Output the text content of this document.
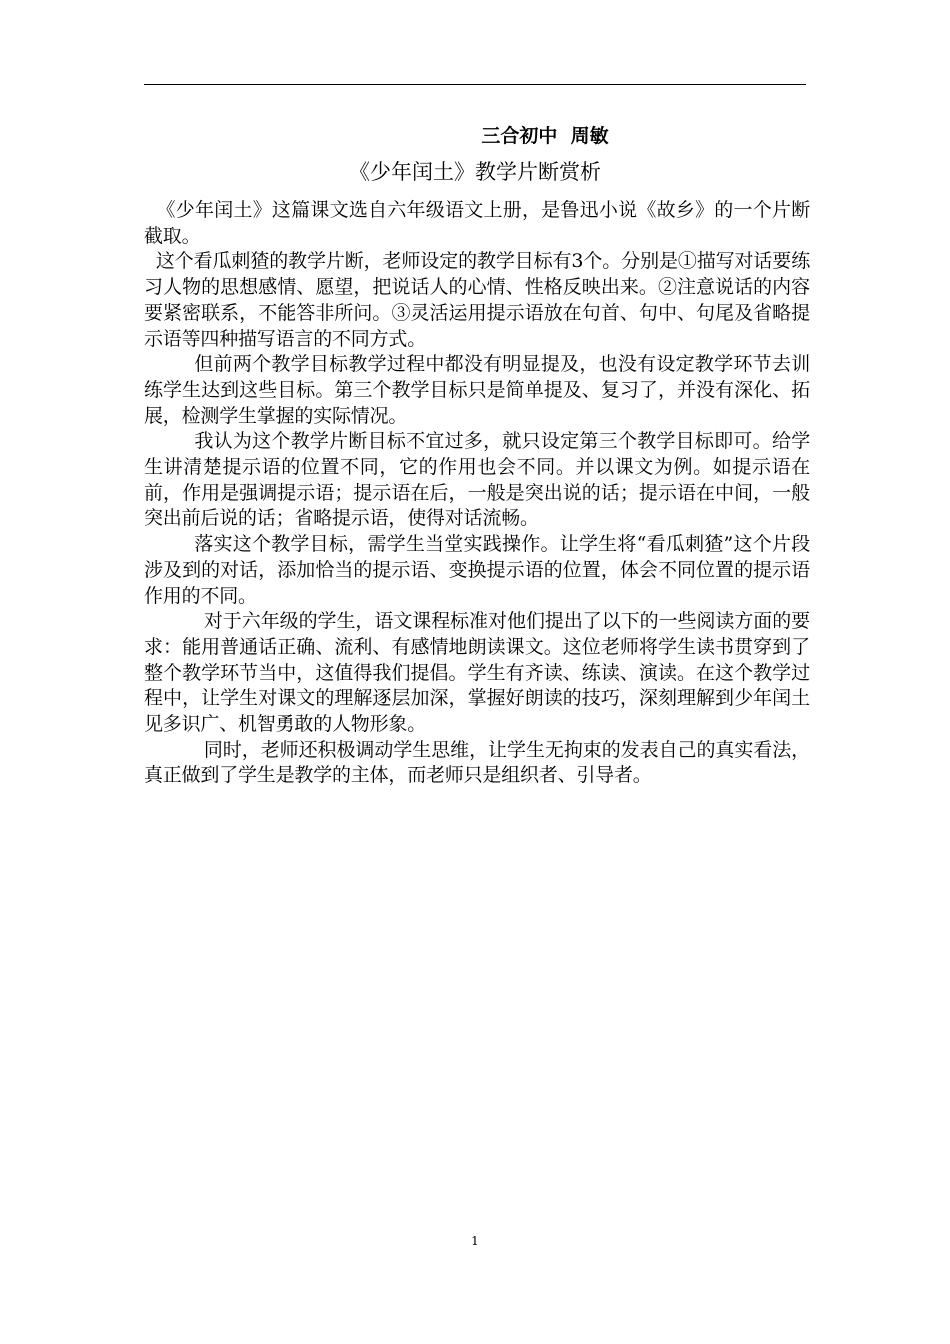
三合初中  周敏
《少年闰土》教学片断赏析

《少年闰土》这篇课文选自六年级语文上册，是鲁迅小说《故乡》的一个片断截取。

这个看瓜刺猹的教学片断，老师设定的教学目标有3个。分别是①描写对话要练习人物的思想感情、愿望，把说话人的心情、性格反映出来。②注意说话的内容要紧密联系，不能答非所问。③灵活运用提示语放在句首、句中、句尾及省略提示语等四种描写语言的不同方式。

但前两个教学目标教学过程中都没有明显提及，也没有设定教学环节去训练学生达到这些目标。第三个教学目标只是简单提及、复习了，并没有深化、拓展，检测学生掌握的实际情况。

我认为这个教学片断目标不宜过多，就只设定第三个教学目标即可。给学生讲清楚提示语的位置不同，它的作用也会不同。并以课文为例。如提示语在前，作用是强调提示语；提示语在后，一般是突出说的话；提示语在中间，一般突出前后说的话；省略提示语，使得对话流畅。

落实这个教学目标，需学生当堂实践操作。让学生将“看瓜刺猹”这个片段涉及到的对话，添加恰当的提示语、变换提示语的位置，体会不同位置的提示语作用的不同。

对于六年级的学生，语文课程标准对他们提出了以下的一些阅读方面的要求：能用普通话正确、流利、有感情地朗读课文。这位老师将学生读书贯穿到了整个教学环节当中，这值得我们提倡。学生有齐读、练读、演读。在这个教学过程中，让学生对课文的理解逐层加深，掌握好朗读的技巧，深刻理解到少年闰土见多识广、机智勇敢的人物形象。

同时，老师还积极调动学生思维，让学生无拘束的发表自己的真实看法，真正做到了学生是教学的主体，而老师只是组织者、引导者。

1
